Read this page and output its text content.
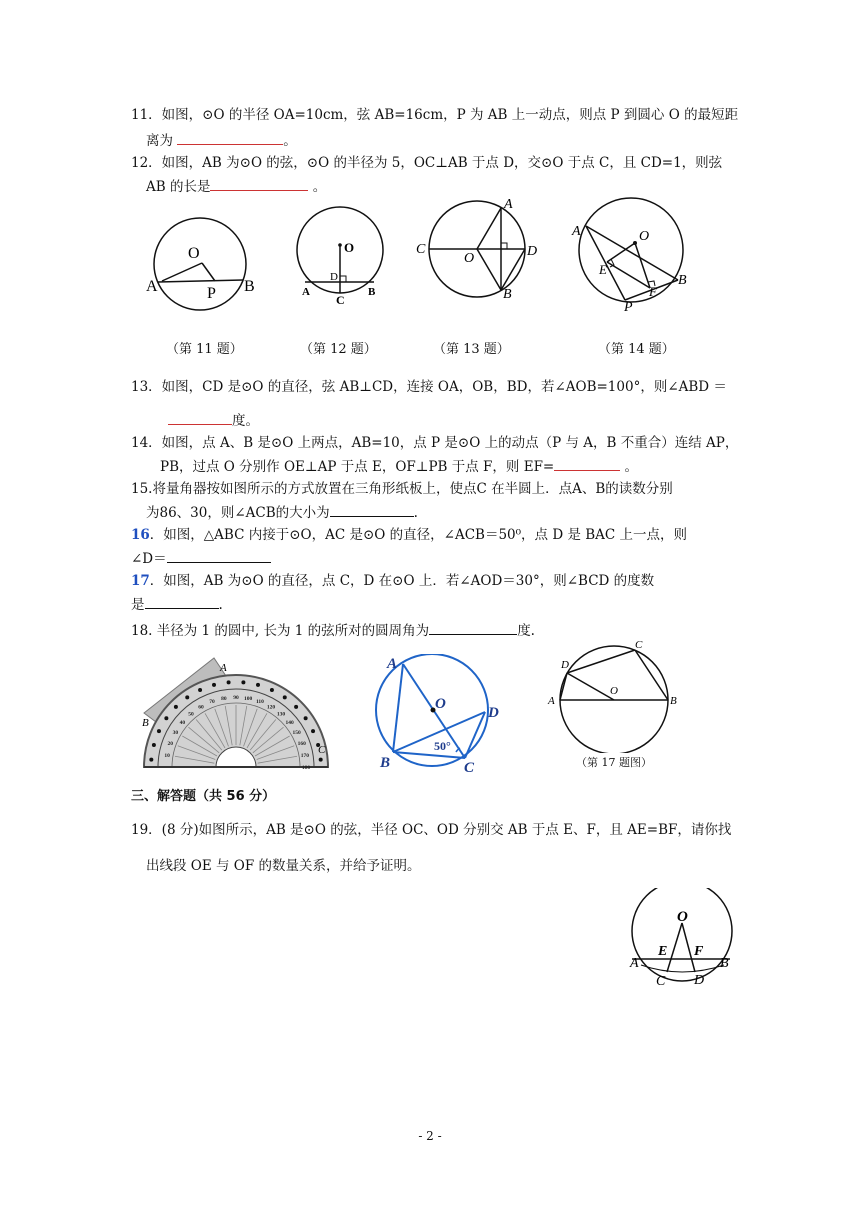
11．如图，⊙O 的半径 OA=10cm，弦 AB=16cm，P 为 AB 上一动点，则点 P 到圆心 O 的最短距
离为	。
12．如图，AB 为⊙O 的弦，⊙O 的半径为 5，OC⊥AB 于点 D，交⊙O 于点 C，且 CD=1，则弦
AB 的长是	。
O
A	B
P
O
D
A	B
C
A
B
C	D
O
A	O
E
F
B
P
（第 11 题）	（第 12 题）	（第 13 题）	（第 14 题）
13．如图，CD 是⊙O 的直径，弦 AB⊥CD，连接 OA，OB，BD，若∠AOB=100°，则∠ABD ＝
度。
14．如图，点 A、B 是⊙O 上两点，AB=10，点 P 是⊙O 上的动点（P 与 A，B 不重合）连结 AP，
PB，过点 O 分别作 OE⊥AP 于点 E，OF⊥PB 于点 F，则 EF=	。
15.将量角器按如图所示的方式放置在三角形纸板上，使点C 在半圆上．点A、B的读数分别
为86、30，则∠ACB的大小为	.
16．如图，△ABC 内接于⊙O，AC 是⊙O 的直径，∠ACB＝50⁰，点 D 是 BAC 上一点，则
∠D＝
17．如图，AB 为⊙O 的直径，点 C，D 在⊙O 上．若∠AOD＝30°，则∠BCD 的度数
是	.
18. 半径为 1 的圆中, 长为 1 的弦所对的圆周角为	度.
10
20
30
40
50
60
70
80 90 100
110
120
130
140
150
160
170
180
A
B
C
A
O
D
B	C
50°
A	B
C
D
O
（第 17 题图）
三、解答题（共 56 分）
19．(8 分)如图所示，AB 是⊙O 的弦，半径 OC、OD 分别交 AB 于点 E、F，且 AE=BF，请你找
出线段 OE 与 OF 的数量关系，并给予证明。
O
E F
A	B
C D
- 2 -
